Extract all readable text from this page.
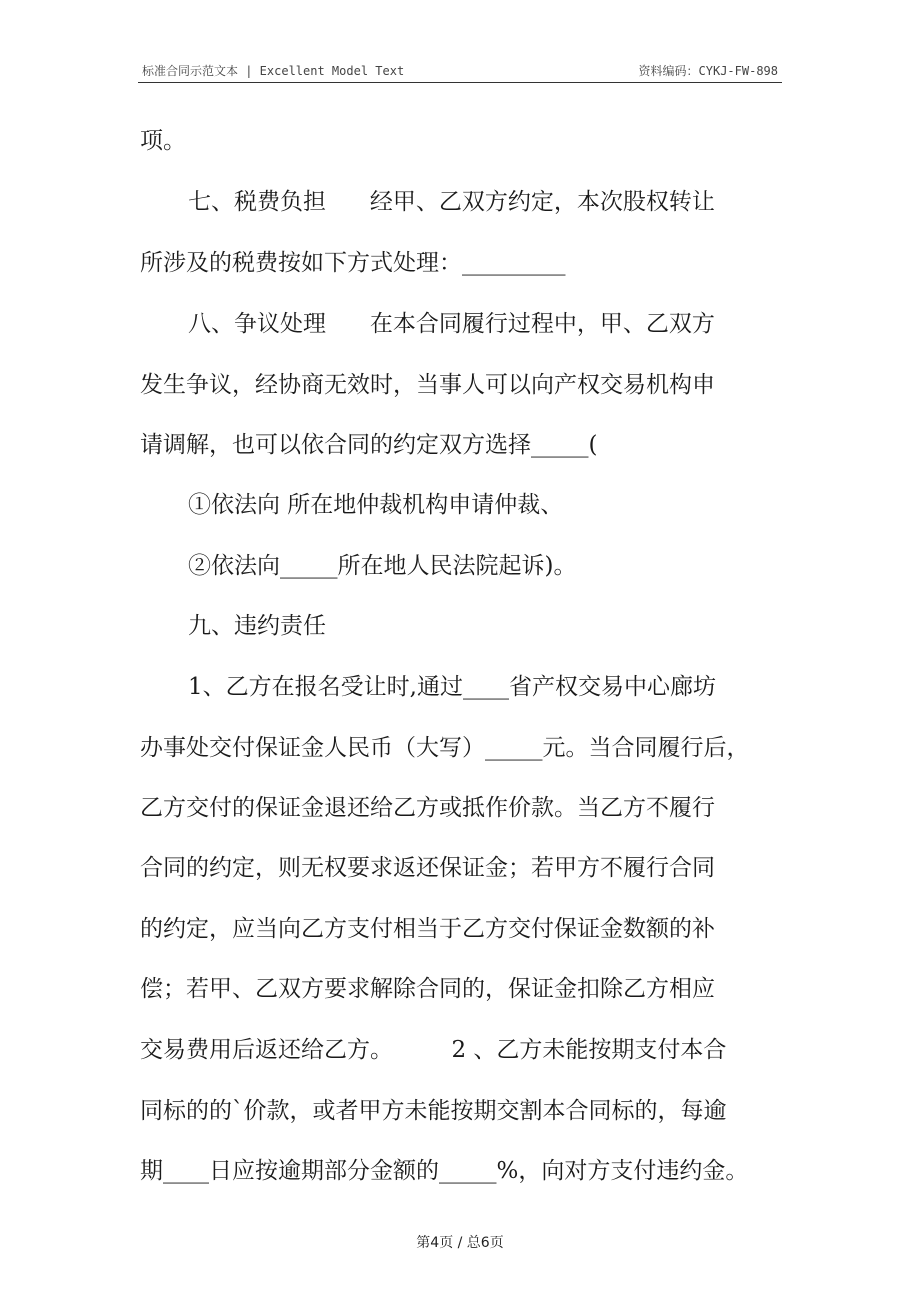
标准合同示范文本 | Excellent Model Text	资料编码：CYKJ-FW-898
项。
七、税费负担      经甲、乙双方约定，本次股权转让
所涉及的税费按如下方式处理：_________
八、争议处理      在本合同履行过程中，甲、乙双方
发生争议，经协商无效时，当事人可以向产权交易机构申
请调解，也可以依合同的约定双方选择_____(
①依法向 所在地仲裁机构申请仲裁、
②依法向_____所在地人民法院起诉)。
九、违约责任
1、乙方在报名受让时,通过____省产权交易中心廊坊
办事处交付保证金人民币（大写）_____元。当合同履行后，
乙方交付的保证金退还给乙方或抵作价款。当乙方不履行
合同的约定，则无权要求返还保证金；若甲方不履行合同
的约定，应当向乙方支付相当于乙方交付保证金数额的补
偿；若甲、乙双方要求解除合同的，保证金扣除乙方相应
交易费用后返还给乙方。        2 、乙方未能按期支付本合
同标的的`价款，或者甲方未能按期交割本合同标的，每逾
期____日应按逾期部分金额的_____%，向对方支付违约金。
第4页 / 总6页
